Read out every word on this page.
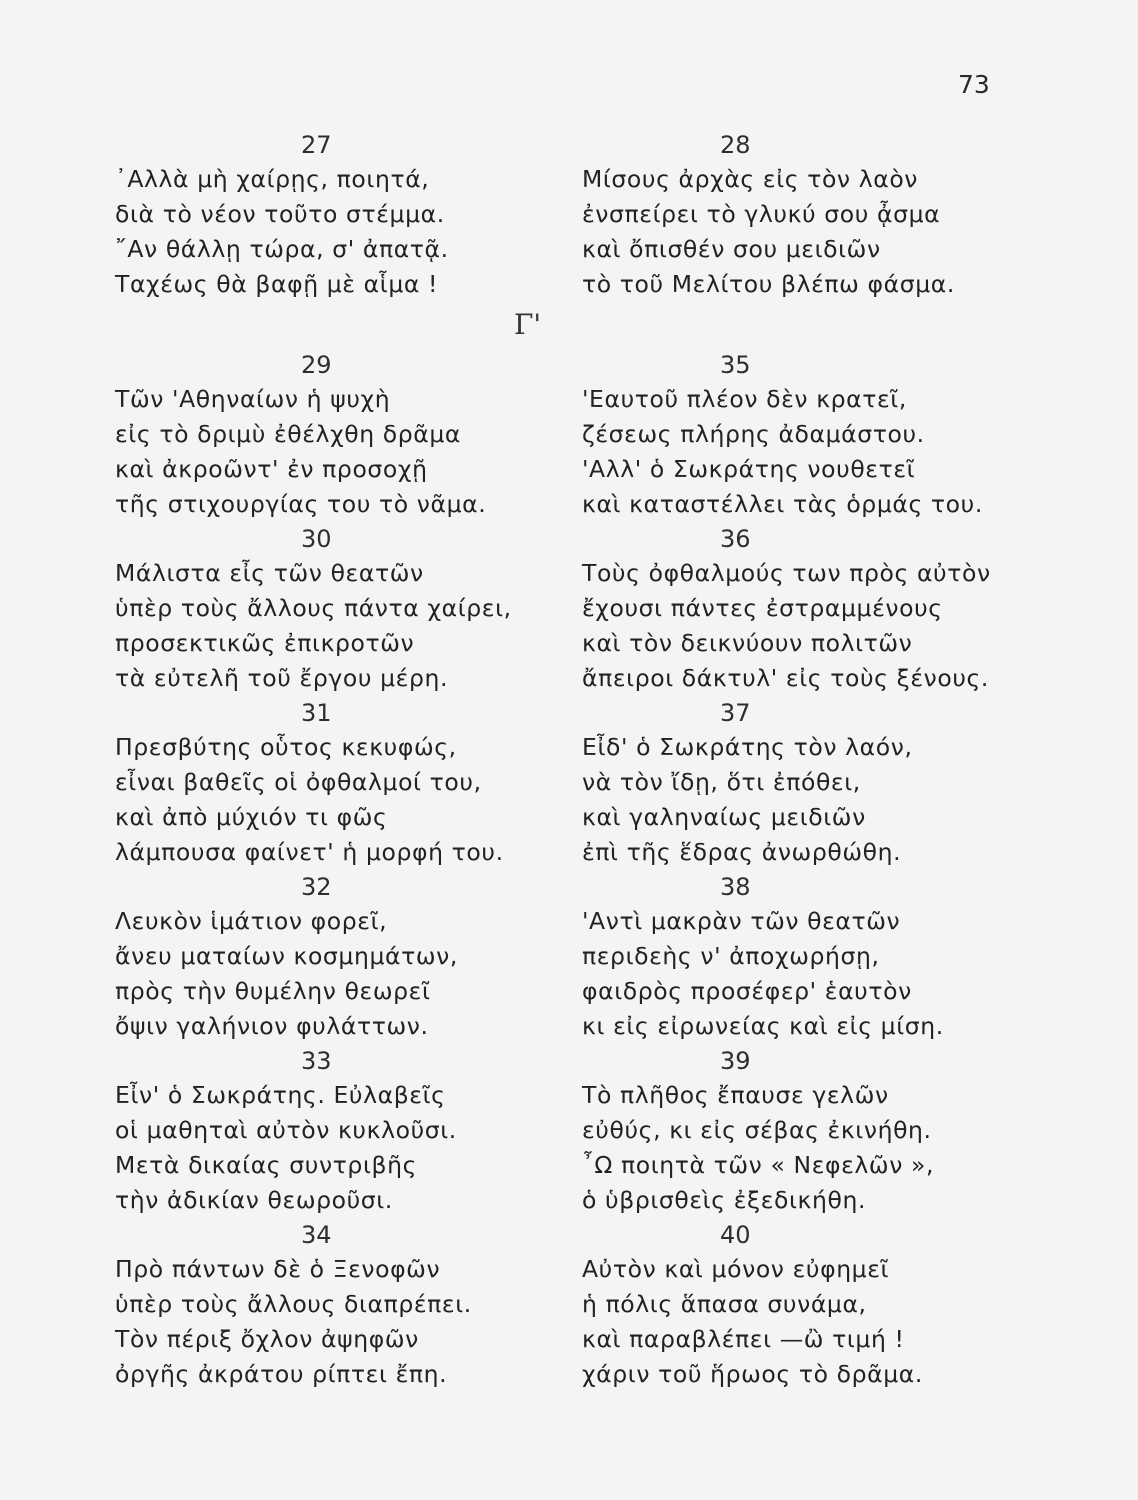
73
Γ'
27
᾿Αλλὰ μὴ χαίρῃς, ποιητά,
διὰ τὸ νέον τοῦτο στέμμα.
῎Αν θάλλῃ τώρα, σ' ἀπατᾷ.
Ταχέως θὰ βαφῇ μὲ αἷμα !
29
Τῶν 'Αθηναίων ἡ ψυχὴ
εἰς τὸ δριμὺ ἐθέλχθη δρᾶμα
καὶ ἀκροῶντ' ἐν προσοχῇ
τῆς στιχουργίας του τὸ νᾶμα.
30
Μάλιστα εἶς τῶν θεατῶν
ὑπὲρ τοὺς ἄλλους πάντα χαίρει,
προσεκτικῶς ἐπικροτῶν
τὰ εὐτελῆ τοῦ ἔργου μέρη.
31
Πρεσβύτης οὗτος κεκυφώς,
εἶναι βαθεῖς οἱ ὀφθαλμοί του,
καὶ ἀπὸ μύχιόν τι φῶς
λάμπουσα φαίνετ' ἡ μορφή του.
32
Λευκὸν ἱμάτιον φορεῖ,
ἄνευ ματαίων κοσμημάτων,
πρὸς τὴν θυμέλην θεωρεῖ
ὄψιν γαλήνιον φυλάττων.
33
Εἶν' ὁ Σωκράτης. Εὐλαβεῖς
οἱ μαθηταὶ αὐτὸν κυκλοῦσι.
Μετὰ δικαίας συντριβῆς
τὴν ἀδικίαν θεωροῦσι.
34
Πρὸ πάντων δὲ ὁ Ξενοφῶν
ὑπὲρ τοὺς ἄλλους διαπρέπει.
Τὸν πέριξ ὄχλον ἀψηφῶν
ὀργῆς ἀκράτου ρίπτει ἔπη.
28
Μίσους ἀρχὰς εἰς τὸν λαὸν
ἐνσπείρει τὸ γλυκύ σου ᾆσμα
καὶ ὄπισθέν σου μειδιῶν
τὸ τοῦ Μελίτου βλέπω φάσμα.
35
'Εαυτοῦ πλέον δὲν κρατεῖ,
ζέσεως πλήρης ἀδαμάστου.
'Αλλ' ὁ Σωκράτης νουθετεῖ
καὶ καταστέλλει τὰς ὁρμάς του.
36
Τοὺς ὀφθαλμούς των πρὸς αὐτὸν
ἔχουσι πάντες ἐστραμμένους
καὶ τὸν δεικνύουν πολιτῶν
ἄπειροι δάκτυλ' εἰς τοὺς ξένους.
37
Εἶδ' ὁ Σωκράτης τὸν λαόν,
νὰ τὸν ἴδῃ, ὅτι ἐπόθει,
καὶ γαληναίως μειδιῶν
ἐπὶ τῆς ἕδρας ἀνωρθώθη.
38
'Αντὶ μακρὰν τῶν θεατῶν
περιδεὴς ν' ἀποχωρήσῃ,
φαιδρὸς προσέφερ' ἑαυτὸν
κι εἰς εἰρωνείας καὶ εἰς μίση.
39
Τὸ πλῆθος ἔπαυσε γελῶν
εὐθύς, κι εἰς σέβας ἐκινήθη.
῏Ω ποιητὰ τῶν « Νεφελῶν »,
ὁ ὑβρισθεὶς ἐξεδικήθη.
40
Αὐτὸν καὶ μόνον εὐφημεῖ
ἡ πόλις ἅπασα συνάμα,
καὶ παραβλέπει —ὢ τιμή !
χάριν τοῦ ἥρωος τὸ δρᾶμα.
